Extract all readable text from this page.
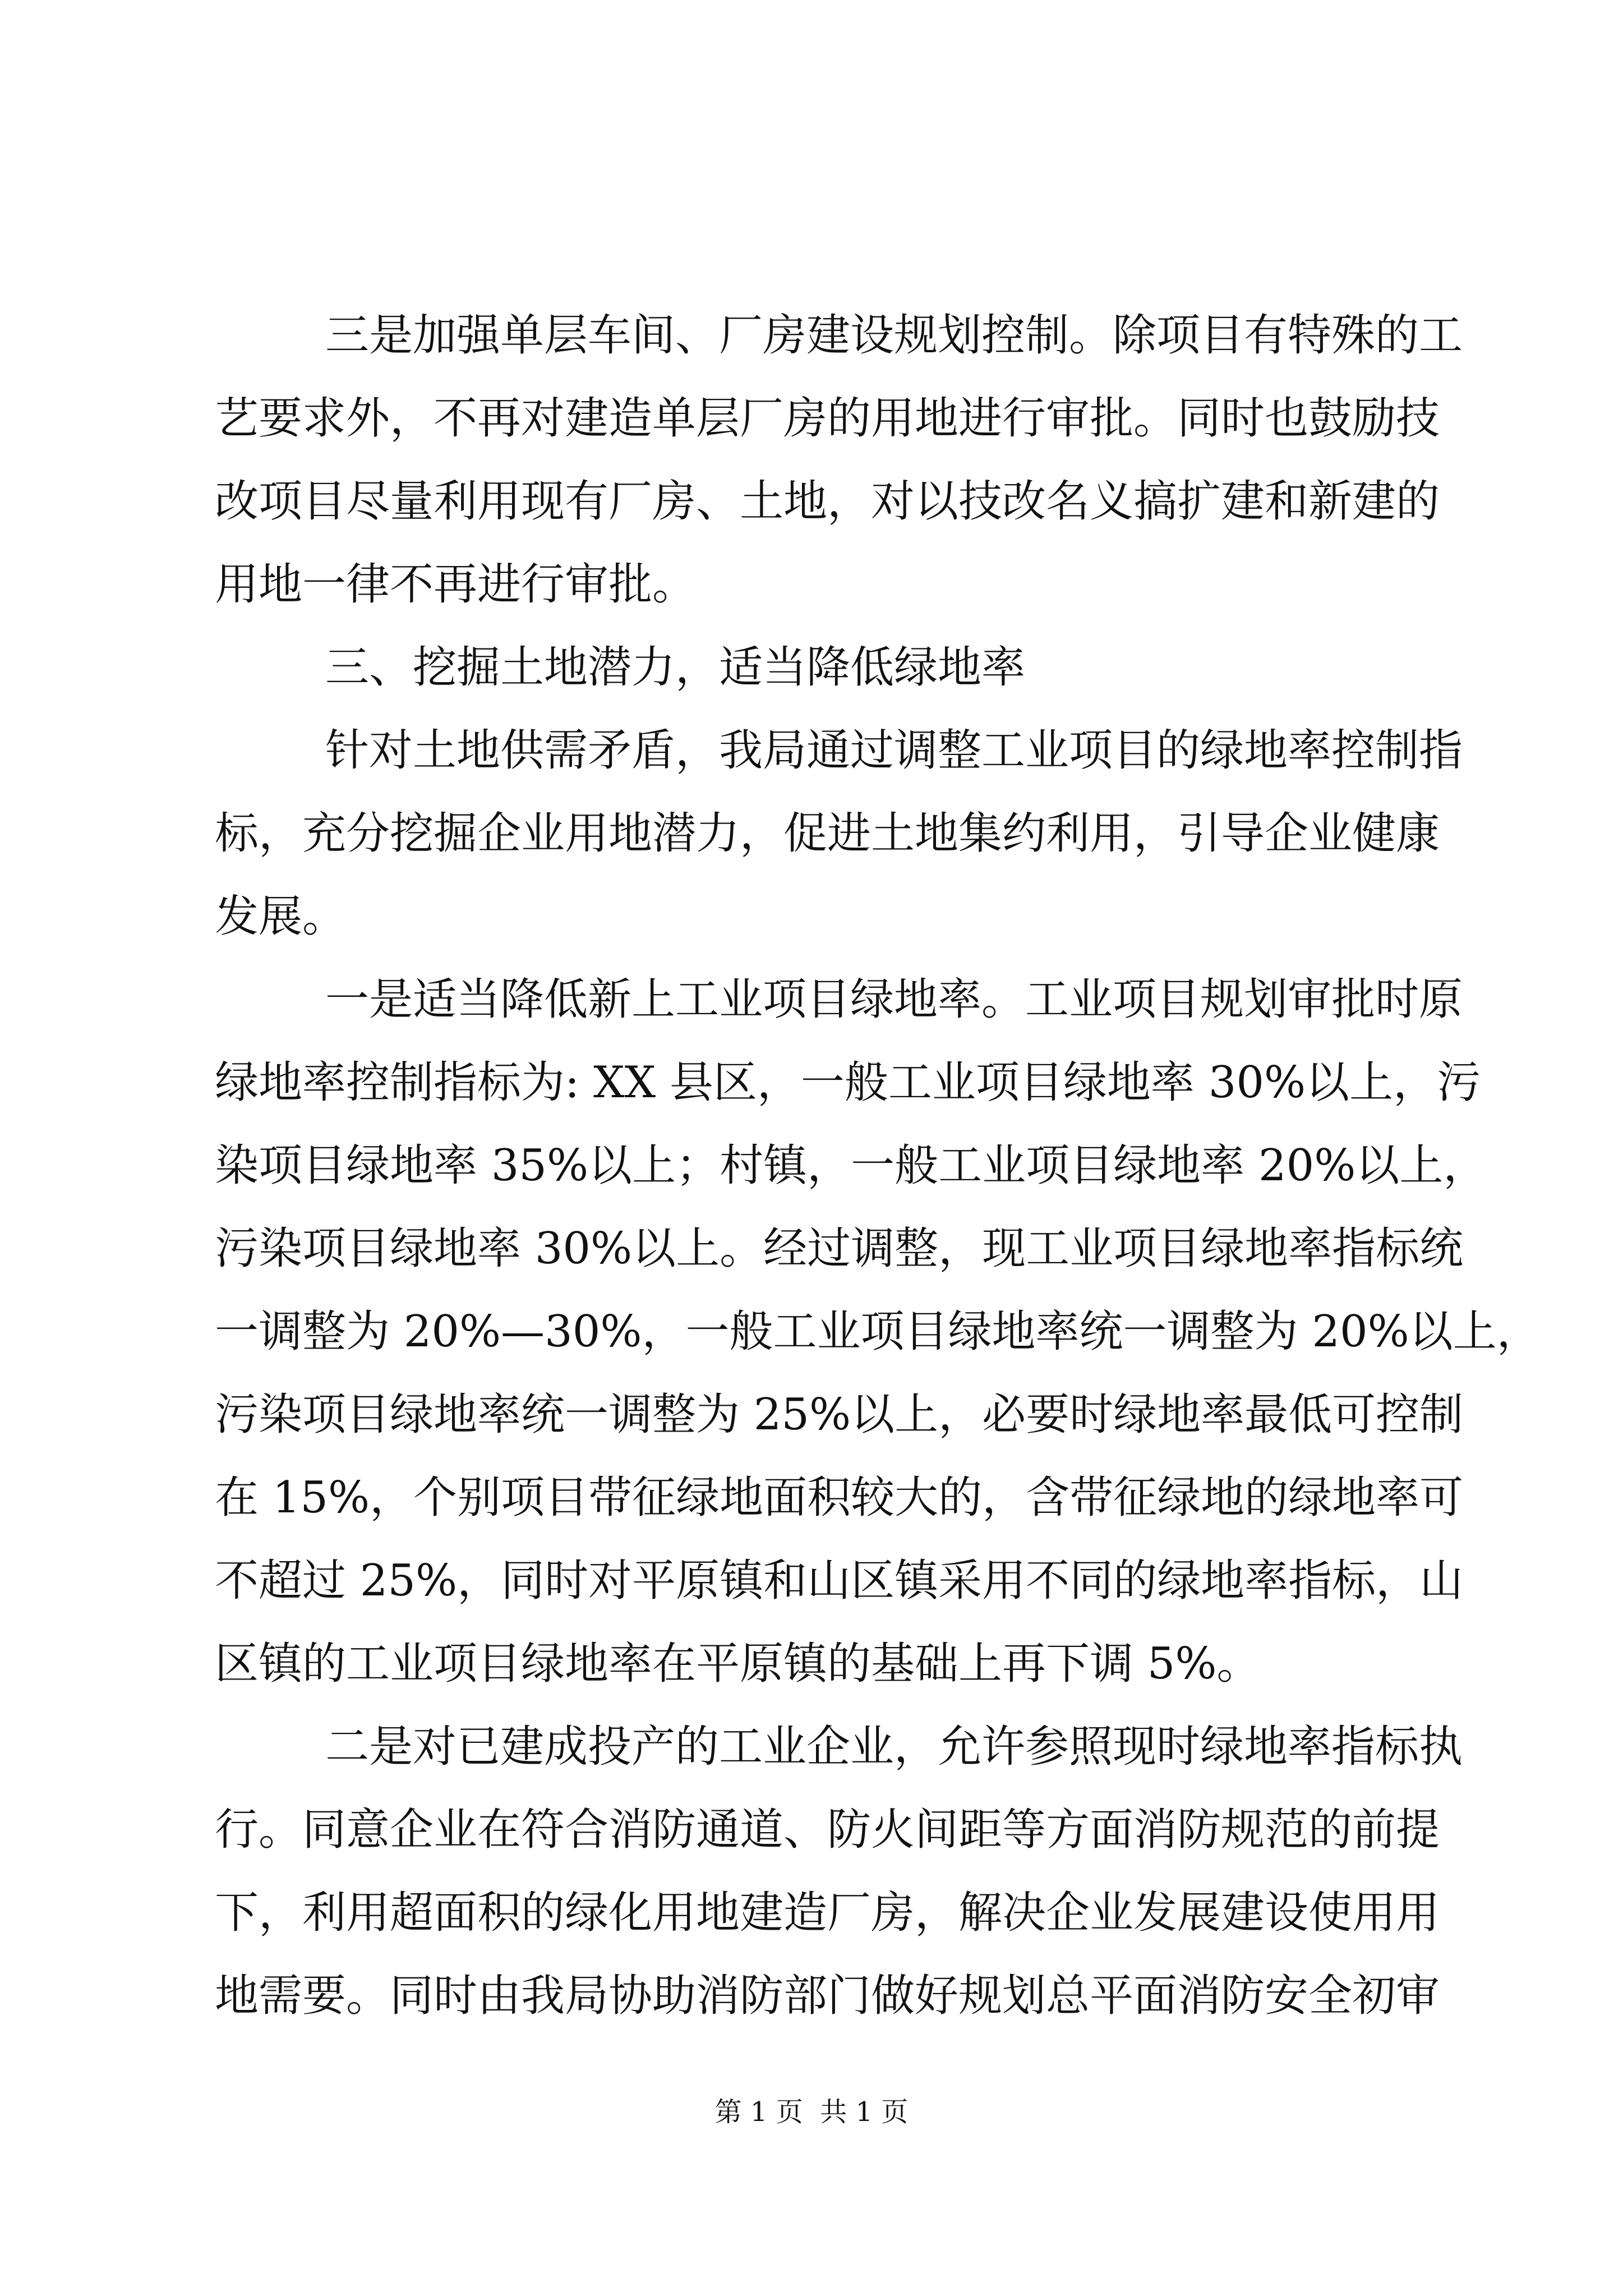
三是加强单层车间、厂房建设规划控制。除项目有特殊的工
艺要求外，不再对建造单层厂房的用地进行审批。同时也鼓励技
改项目尽量利用现有厂房、土地，对以技改名义搞扩建和新建的
用地一律不再进行审批。
三、挖掘土地潜力，适当降低绿地率
针对土地供需矛盾，我局通过调整工业项目的绿地率控制指
标，充分挖掘企业用地潜力，促进土地集约利用，引导企业健康
发展。
一是适当降低新上工业项目绿地率。工业项目规划审批时原
绿地率控制指标为: XX 县区，一般工业项目绿地率 30%以上，污
染项目绿地率 35%以上；村镇，一般工业项目绿地率 20%以上，
污染项目绿地率 30%以上。经过调整，现工业项目绿地率指标统
一调整为 20%—30%，一般工业项目绿地率统一调整为 20%以上，
污染项目绿地率统一调整为 25%以上，必要时绿地率最低可控制
在 15%，个别项目带征绿地面积较大的，含带征绿地的绿地率可
不超过 25%，同时对平原镇和山区镇采用不同的绿地率指标，山
区镇的工业项目绿地率在平原镇的基础上再下调 5%。
二是对已建成投产的工业企业，允许参照现时绿地率指标执
行。同意企业在符合消防通道、防火间距等方面消防规范的前提
下，利用超面积的绿化用地建造厂房，解决企业发展建设使用用
地需要。同时由我局协助消防部门做好规划总平面消防安全初审
第 1 页  共 1 页
